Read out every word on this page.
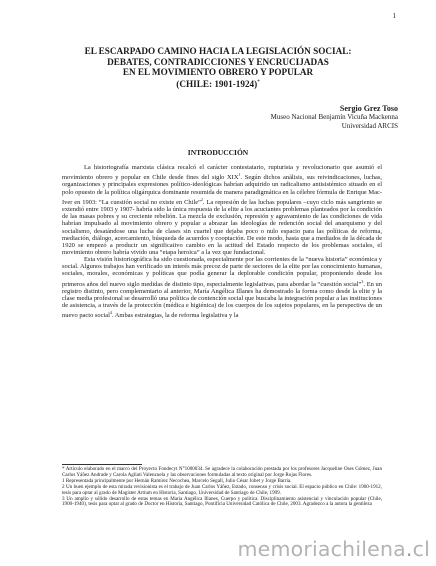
1
EL ESCARPADO CAMINO HACIA LA LEGISLACIÓN SOCIAL:
DEBATES, CONTRADICCIONES Y ENCRUCIJADAS
EN EL MOVIMIENTO OBRERO Y POPULAR
(CHILE: 1901-1924)*
Sergio Grez Toso
Museo Nacional Benjamín Vicuña Mackenna
Universidad ARCIS
INTRODUCCIÓN

La historiografía marxista clásica recalcó el carácter contestatario, rupturista y revolucionario que asumió el movimiento obrero y popular en Chile desde fines del siglo XIX$^1$. Según dichos análisis, sus reivindicaciones, luchas, organizaciones y principales expresiones político-ideológicas habrían adquirido un radicalismo antisistémico situado en el polo opuesto de la política oligárquica dominante resumida de manera paradigmática en la célebre fórmula de Enrique Mac-Iver en 1903: “La cuestión social no existe en Chile”$^2$. La represión de las luchas populares –cuyo ciclo más sangriento se extendió entre 1903 y 1907- habría sido la única respuesta de la elite a los acuciantes problemas planteados por la condición de las masas pobres y su creciente rebelión. La mezcla de exclusión, represión y agravamiento de las condiciones de vida habrían impulsado al movimiento obrero y popular a abrazar las ideologías de redención social del anarquismo y del socialismo, desatándose una lucha de clases sin cuartel que dejaba poco o nulo espacio para las políticas de reforma, mediación, diálogo, acercamiento, búsqueda de acuerdos y cooptación. De este modo, hasta que a mediados de la década de 1920 se empezó a producir un significativo cambio en la actitud del Estado respecto de los problemas sociales, el movimiento obrero habría vivido una “etapa heroica” a la vez que fundacional.

Esta visión historiográfica ha sido cuestionada, especialmente por las corrientes de la “nueva historia” económica y social. Algunos trabajos han verificado un interés más precoz de parte de sectores de la elite por las conocimiento humanas, sociales, morales, económicas y políticas que podía generar la deplorable condición popular, proponiendo desde los primeros años del nuevo siglo medidas de distinto tipo, especialmente legislativas, para abordar la “cuestión social”$^3$. En un registro distinto, pero complementario al anterior, María Angélica Illanes ha demostrado la forma como desde la elite y la clase media profesional se desarrolló una política de contención social que buscaba la integración popular a las instituciones de asistencia, a través de la protección (médica e higiénica) de los cuerpos de los sujetos populares, en la perspectiva de un nuevo pacto social$^4$. Ambas estrategias, la de reforma legislativa y la

* Artículo elaborado en el marco del Proyecto Fondecyt N°1000034. Se agradece la colaboración prestada por los profesores Jacqueline Oses Gómez, Juan Carlos Yáñez Andrade y Carola Agliati Valenzuela y las observaciones formuladas al texto original por Jorge Rojas Flores.

1 Representada principalmente por Hernán Ramírez Necochea, Marcelo Segall, Julio César Jobet y Jorge Barría.

2 Un buen ejemplo de esta mirada revisionista es el trabajo de Juan Carlos Yáñez, Estado, consenso y crisis social. El espacio público en Chile: 1900-1912, tesis para optar al grado de Magíster Artium en Historia, Santiago, Universidad de Santiago de Chile, 1999.

3 Un amplio y sólido desarrollo de estas temas en María Angélica Illanes, Cuerpo y política. Disciplinamiento asistencial y vinculación popular (Chile, 1900-1940), tesis para optar al grado de Doctor en Historia, Santiago, Pontificia Universidad Católica de Chile, 2003. Agradezco a la autora la gentileza

memoriachilena.cl
